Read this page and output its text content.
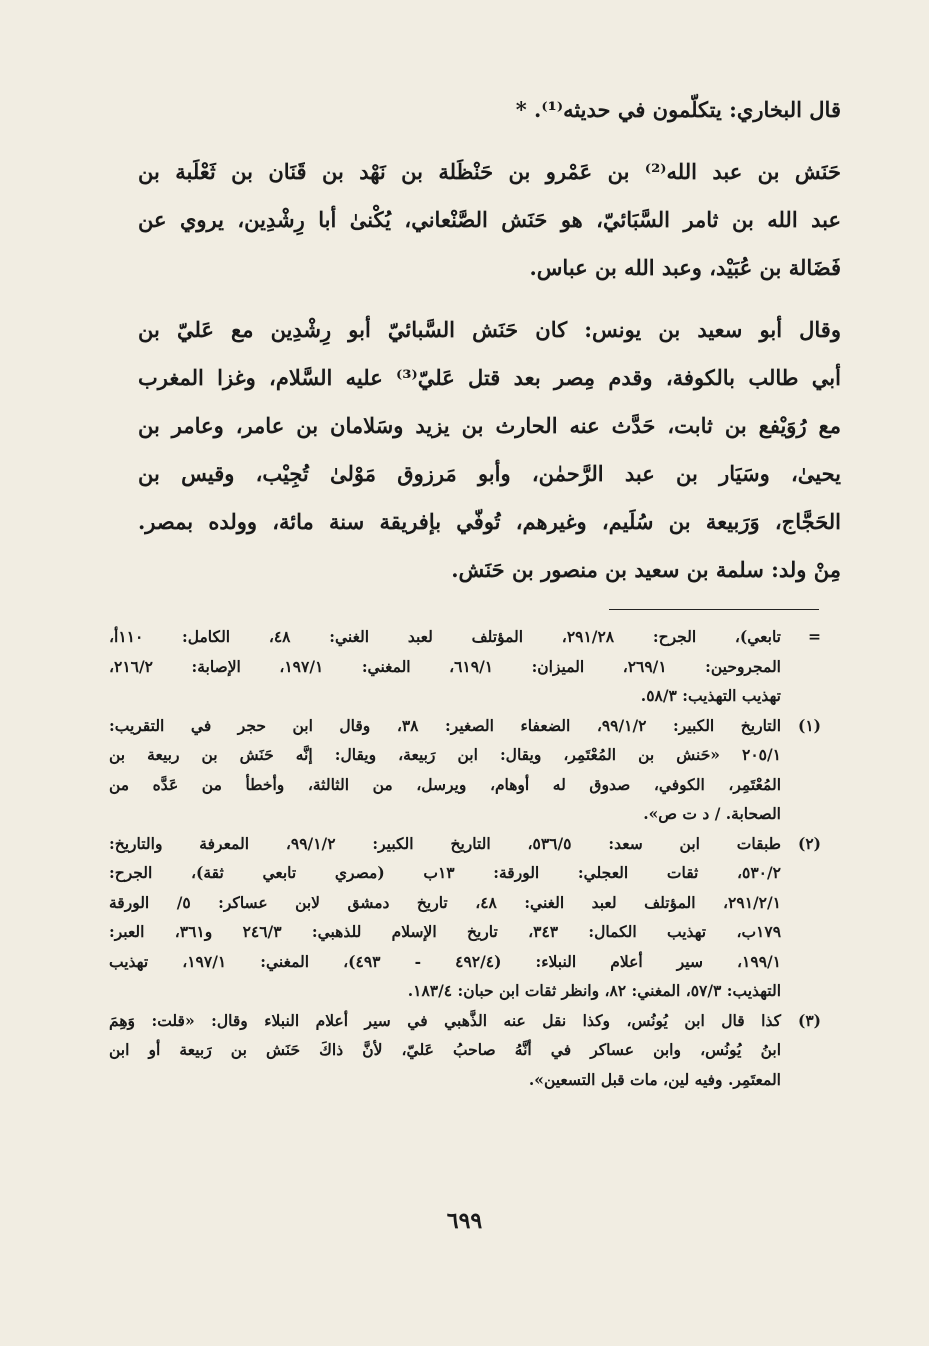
قال البخاري: يتكلّمون في حديثه⁽¹⁾. *
حَنَش بن عبد الله⁽²⁾ بن عَمْرو بن حَنْظَلة بن نَهْد بن قَنَان بن ثَعْلَبة بن
عبد الله بن ثامر السَّبَائيّ، هو حَنَش الصَّنْعاني، يُكْنىٰ أبا رِشْدِين، يروي عن
فَضَالة بن عُبَيْد، وعبد الله بن عباس.
وقال أبو سعيد بن يونس: كان حَنَش السَّبائيّ أبو رِشْدِين مع عَليّ بن
أبي طالب بالكوفة، وقدم مِصر بعد قتل عَليّ⁽³⁾ عليه السَّلام، وغزا المغرب
مع رُوَيْفع بن ثابت، حَدَّث عنه الحارث بن يزيد وسَلامان بن عامر، وعامر بن
يحيىٰ، وسَيَار بن عبد الرَّحمٰن، وأبو مَرزوق مَوْلىٰ تُجِيْب، وقيس بن
الحَجَّاج، وَرَبيعة بن سُلَيم، وغيرهم، تُوفّي بإفريقة سنة مائة، وولده بمصر.
مِنْ ولد: سلمة بن سعيد بن منصور بن حَنَش.
=
تابعي)، الجرح: ٢٩١/٢٨، المؤتلف لعبد الغني: ٤٨، الكامل: ١١٠أ،
المجروحين: ٢٦٩/١، الميزان: ٦١٩/١، المغني: ١٩٧/١، الإصابة: ٢١٦/٢،
تهذيب التهذيب: ٥٨/٣.
(١)
التاريخ الكبير: ٩٩/١/٢، الضعفاء الصغير: ٣٨، وقال ابن حجر في التقريب:
٢٠٥/١ «حَنش بن المُعْتَمِر، ويقال: ابن رَبيعة، ويقال: إنَّه حَنَش بن ربيعة بن
المُعْتَمِر، الكوفي، صدوق له أوهام، ويرسل، من الثالثة، وأخطأ من عَدَّه من
الصحابة. / د ت ص».
(٢)
طبقات ابن سعد: ٥٣٦/٥، التاريخ الكبير: ٩٩/١/٢، المعرفة والتاريخ:
٥٣٠/٢، ثقات العجلي: الورقة: ١٣ب (مصري تابعي ثقة)، الجرح:
٢٩١/٢/١، المؤتلف لعبد الغني: ٤٨، تاريخ دمشق لابن عساكر: ٥/ الورقة
١٧٩ب، تهذيب الكمال: ٣٤٣، تاريخ الإسلام للذهبي: ٢٤٦/٣ و٣٦١، العبر:
١٩٩/١، سير أعلام النبلاء: (٤٩٢/٤ - ٤٩٣)، المغني: ١٩٧/١، تهذيب
التهذيب: ٥٧/٣، المغني: ٨٢، وانظر ثقات ابن حبان: ١٨٣/٤.
(٣)
كذا قال ابن يُونُس، وكذا نقل عنه الذَّهبي في سير أعلام النبلاء وقال: «قلت: وَهِمَ
ابنُ يُونُس، وابن عساكر في أنَّهُ صاحبُ عَليّ، لأنَّ ذاكَ حَنَش بن رَبيعة أو ابن
المعتَمِر. وفيه لين، مات قبل التسعين».
٦٩٩
